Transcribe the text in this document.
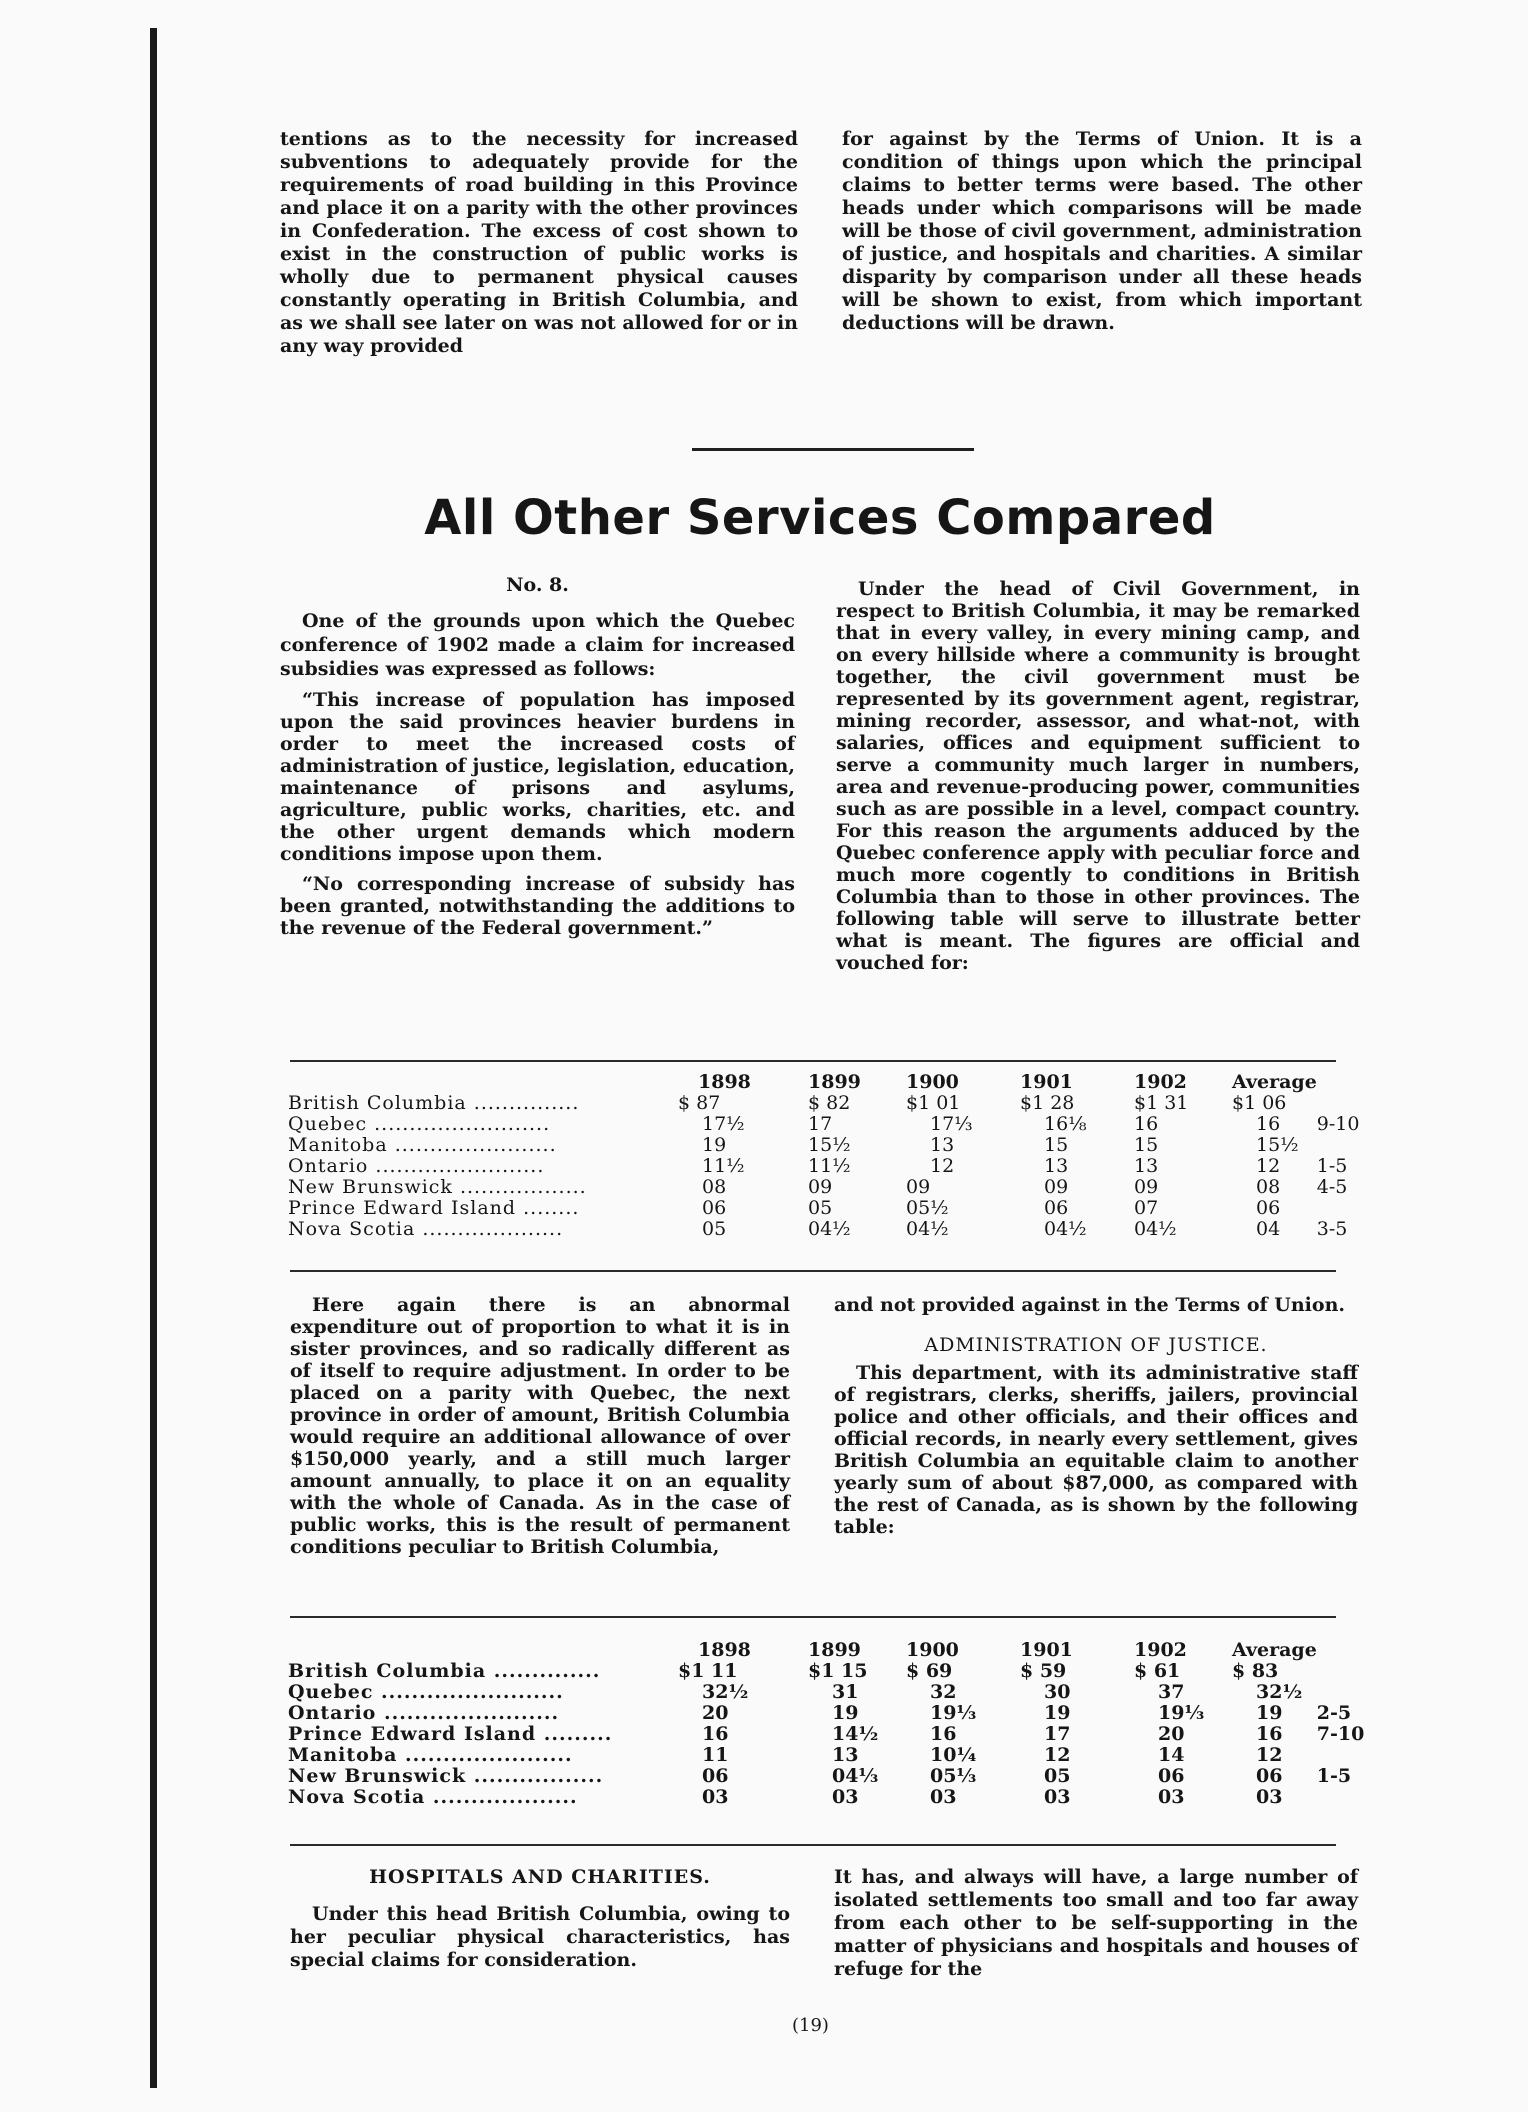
tentions as to the necessity for increased subventions to adequately provide for the requirements of road building in this Province and place it on a parity with the other provinces in Confederation. The excess of cost shown to exist in the construction of public works is wholly due to permanent physical causes constantly operating in British Columbia, and as we shall see later on was not allowed for or in any way provided

for against by the Terms of Union. It is a condition of things upon which the principal claims to better terms were based. The other heads under which comparisons will be made will be those of civil government, administration of justice, and hospitals and charities. A similar disparity by comparison under all these heads will be shown to exist, from which important deductions will be drawn.

All Other Services Compared

No. 8.

One of the grounds upon which the Quebec conference of 1902 made a claim for increased subsidies was expressed as follows:

“This increase of population has imposed upon the said provinces heavier burdens in order to meet the increased costs of administration of justice, legislation, education, maintenance of prisons and asylums, agriculture, public works, charities, etc. and the other urgent demands which modern conditions impose upon them.

“No corresponding increase of subsidy has been granted, notwithstanding the additions to the revenue of the Federal government.”

Under the head of Civil Government, in respect to British Columbia, it may be remarked that in every valley, in every mining camp, and on every hillside where a community is brought together, the civil government must be represented by its government agent, registrar, mining recorder, assessor, and what-not, with salaries, offices and equipment sufficient to serve a community much larger in numbers, area and revenue-producing power, communities such as are possible in a level, compact country. For this reason the arguments adduced by the Quebec conference apply with peculiar force and much more cogently to conditions in British Columbia than to those in other provinces. The following table will serve to illustrate better what is meant. The figures are official and vouched for:

	1898	1899	1900	1901	1902	Average	
British Columbia ...............	$ 87	$ 82	$1 01	$1 28	$1 31	$1 06	
Quebec .........................	17½	17	17⅓	16⅛	16	16	9-10
Manitoba .......................	19	15½	13	15	15	15½	
Ontario ........................	11½	11½	12	13	13	12	1-5
New Brunswick ..................	08	09	09	09	09	08	4-5
Prince Edward Island ........	06	05	05½	06	07	06	
Nova Scotia ....................	05	04½	04½	04½	04½	04	3-5

Here again there is an abnormal expenditure out of proportion to what it is in sister provinces, and so radically different as of itself to require adjustment. In order to be placed on a parity with Quebec, the next province in order of amount, British Columbia would require an additional allowance of over $150,000 yearly, and a still much larger amount annually, to place it on an equality with the whole of Canada. As in the case of public works, this is the result of permanent conditions peculiar to British Columbia,

and not provided against in the Terms of Union.

ADMINISTRATION OF JUSTICE.

This department, with its administrative staff of registrars, clerks, sheriffs, jailers, provincial police and other officials, and their offices and official records, in nearly every settlement, gives British Columbia an equitable claim to another yearly sum of about $87,000, as compared with the rest of Canada, as is shown by the following table:

	1898	1899	1900	1901	1902	Average	
British Columbia ..............	$1 11	$1 15	$ 69	$ 59	$ 61	$ 83	
Quebec ........................	32½	31	32	30	37	32½	
Ontario .......................	20	19	19⅓	19	19⅓	19	2-5
Prince Edward Island .........	16	14½	16	17	20	16	7-10
Manitoba ......................	11	13	10¼	12	14	12	
New Brunswick .................	06	04⅓	05⅓	05	06	06	1-5
Nova Scotia ...................	03	03	03	03	03	03	

HOSPITALS AND CHARITIES.

Under this head British Columbia, owing to her peculiar physical characteristics, has special claims for consideration.

It has, and always will have, a large number of isolated settlements too small and too far away from each other to be self-supporting in the matter of physicians and hospitals and houses of refuge for the

(19)
